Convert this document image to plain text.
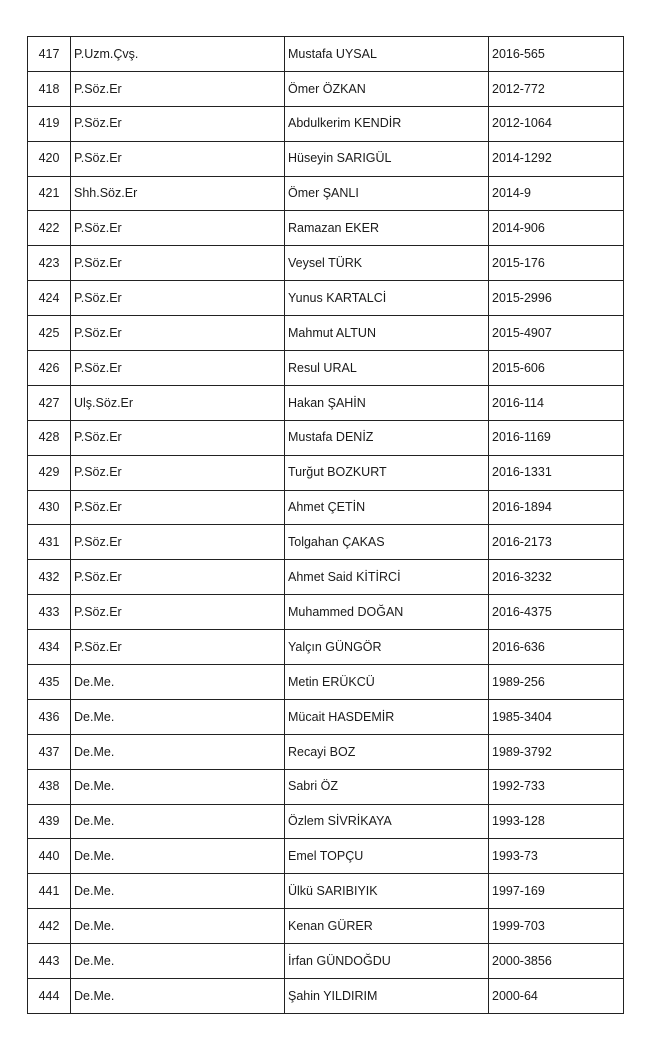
417	P.Uzm.Çvş.	Mustafa UYSAL	2016-565
418	P.Söz.Er	Ömer ÖZKAN	2012-772
419	P.Söz.Er	Abdulkerim KENDİR	2012-1064
420	P.Söz.Er	Hüseyin SARIGÜL	2014-1292
421	Shh.Söz.Er	Ömer ŞANLI	2014-9
422	P.Söz.Er	Ramazan EKER	2014-906
423	P.Söz.Er	Veysel TÜRK	2015-176
424	P.Söz.Er	Yunus KARTALCİ	2015-2996
425	P.Söz.Er	Mahmut ALTUN	2015-4907
426	P.Söz.Er	Resul URAL	2015-606
427	Ulş.Söz.Er	Hakan ŞAHİN	2016-114
428	P.Söz.Er	Mustafa DENİZ	2016-1169
429	P.Söz.Er	Turğut BOZKURT	2016-1331
430	P.Söz.Er	Ahmet ÇETİN	2016-1894
431	P.Söz.Er	Tolgahan ÇAKAS	2016-2173
432	P.Söz.Er	Ahmet Said KİTİRCİ	2016-3232
433	P.Söz.Er	Muhammed DOĞAN	2016-4375
434	P.Söz.Er	Yalçın GÜNGÖR	2016-636
435	De.Me.	Metin ERÜKCÜ	1989-256
436	De.Me.	Mücait HASDEMİR	1985-3404
437	De.Me.	Recayi BOZ	1989-3792
438	De.Me.	Sabri ÖZ	1992-733
439	De.Me.	Özlem SİVRİKAYA	1993-128
440	De.Me.	Emel TOPÇU	1993-73
441	De.Me.	Ülkü SARIBIYIK	1997-169
442	De.Me.	Kenan GÜRER	1999-703
443	De.Me.	İrfan GÜNDOĞDU	2000-3856
444	De.Me.	Şahin YILDIRIM	2000-64
